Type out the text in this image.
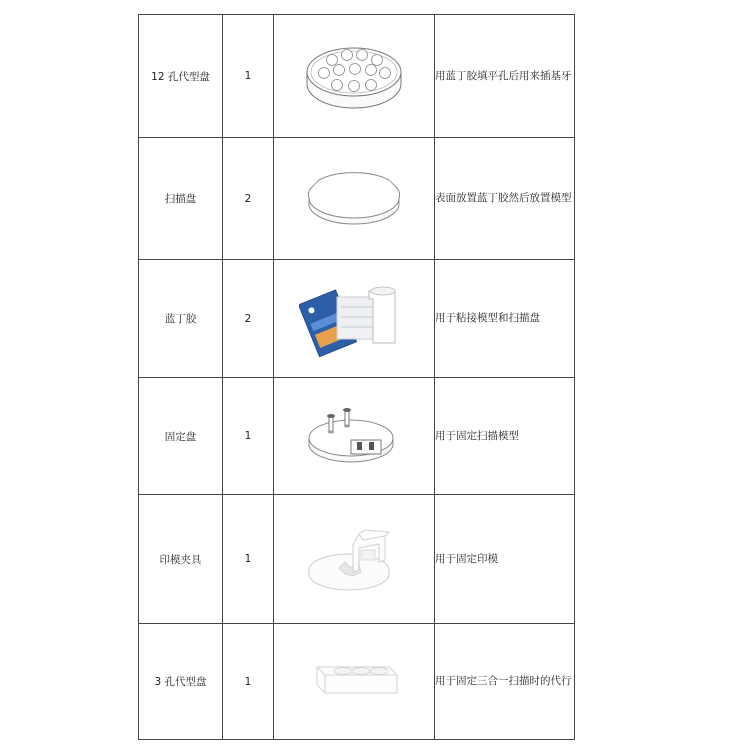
12 孔代型盘	1		用蓝丁胶填平孔后用来插基牙
扫描盘	2		表面放置蓝丁胶然后放置模型
蓝丁胶	2		用于粘接模型和扫描盘
固定盘	1		用于固定扫描模型
印模夹具	1		用于固定印模
3 孔代型盘	1		用于固定三合一扫描时的代行
